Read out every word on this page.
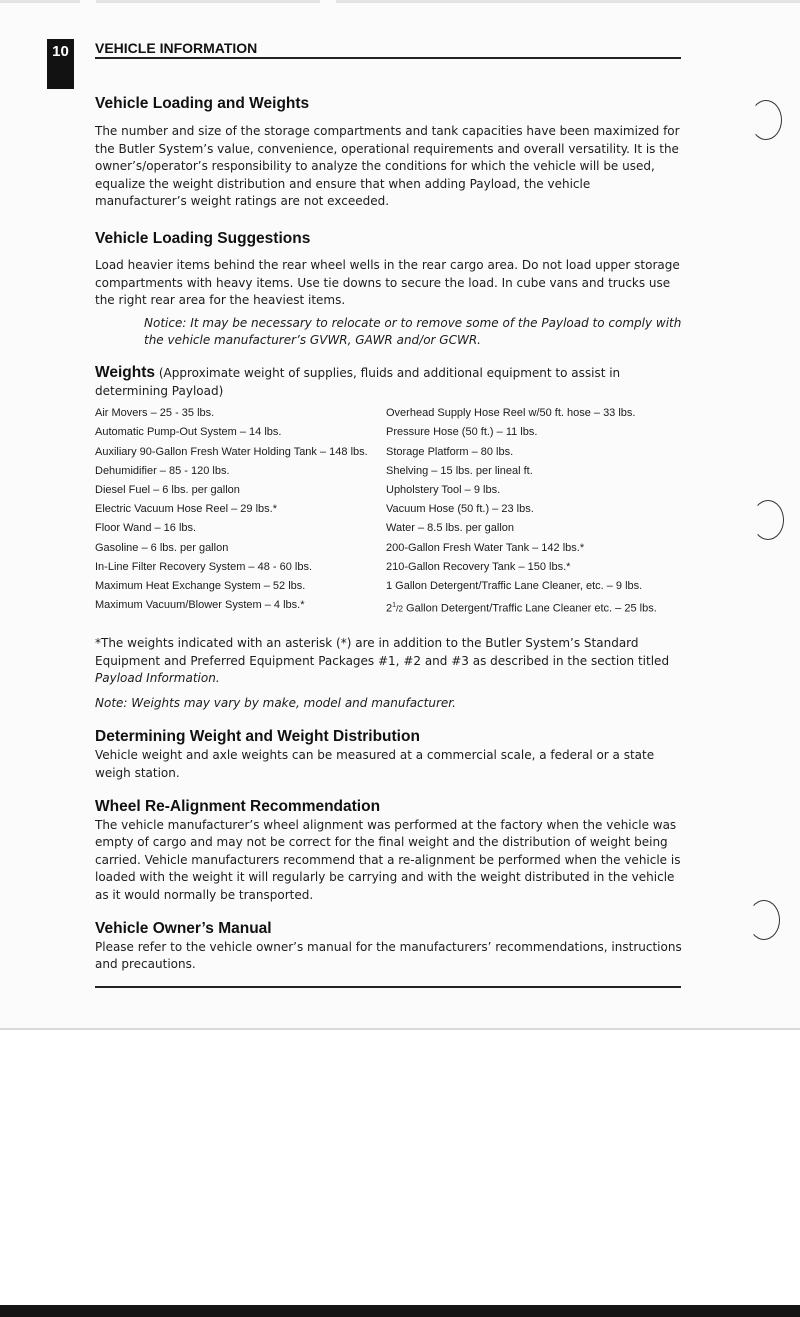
10	VEHICLE INFORMATION
Vehicle Loading and Weights

The number and size of the storage compartments and tank capacities have been maximized for the Butler System’s value, convenience, operational requirements and overall versatility. It is the owner’s/operator’s responsibility to analyze the conditions for which the vehicle will be used, equalize the weight distribution and ensure that when adding Payload, the vehicle manufacturer’s weight ratings are not exceeded.

Vehicle Loading Suggestions

Load heavier items behind the rear wheel wells in the rear cargo area. Do not load upper storage compartments with heavy items. Use tie downs to secure the load. In cube vans and trucks use the right rear area for the heaviest items.

Notice: It may be necessary to relocate or to remove some of the Payload to comply with the vehicle manufacturer’s GVWR, GAWR and/or GCWR.

Weights (Approximate weight of supplies, fluids and additional equipment to assist in determining Payload)

Air Movers – 25 - 35 lbs.
Automatic Pump-Out System – 14 lbs.
Auxiliary 90-Gallon Fresh Water Holding Tank – 148 lbs.
Dehumidifier – 85 - 120 lbs.
Diesel Fuel – 6 lbs. per gallon
Electric Vacuum Hose Reel – 29 lbs.*
Floor Wand – 16 lbs.
Gasoline – 6 lbs. per gallon
In-Line Filter Recovery System – 48 - 60 lbs.
Maximum Heat Exchange System – 52 lbs.
Maximum Vacuum/Blower System – 4 lbs.*
Overhead Supply Hose Reel w/50 ft. hose – 33 lbs.
Pressure Hose (50 ft.) – 11 lbs.
Storage Platform – 80 lbs.
Shelving – 15 lbs. per lineal ft.
Upholstery Tool – 9 lbs.
Vacuum Hose (50 ft.) – 23 lbs.
Water – 8.5 lbs. per gallon
200-Gallon Fresh Water Tank – 142 lbs.*
210-Gallon Recovery Tank – 150 lbs.*
1 Gallon Detergent/Traffic Lane Cleaner, etc. – 9 lbs.
$2^1/2$ Gallon Detergent/Traffic Lane Cleaner etc. – 25 lbs.

*The weights indicated with an asterisk (*) are in addition to the Butler System’s Standard Equipment and Preferred Equipment Packages #1, #2 and #3 as described in the section titled Payload Information.

Note: Weights may vary by make, model and manufacturer.

Determining Weight and Weight Distribution

Vehicle weight and axle weights can be measured at a commercial scale, a federal or a state weigh station.

Wheel Re-Alignment Recommendation

The vehicle manufacturer’s wheel alignment was performed at the factory when the vehicle was empty of cargo and may not be correct for the final weight and the distribution of weight being carried. Vehicle manufacturers recommend that a re-alignment be performed when the vehicle is loaded with the weight it will regularly be carrying and with the weight distributed in the vehicle as it would normally be transported.

Vehicle Owner’s Manual

Please refer to the vehicle owner’s manual for the manufacturers’ recommendations, instructions and precautions.
